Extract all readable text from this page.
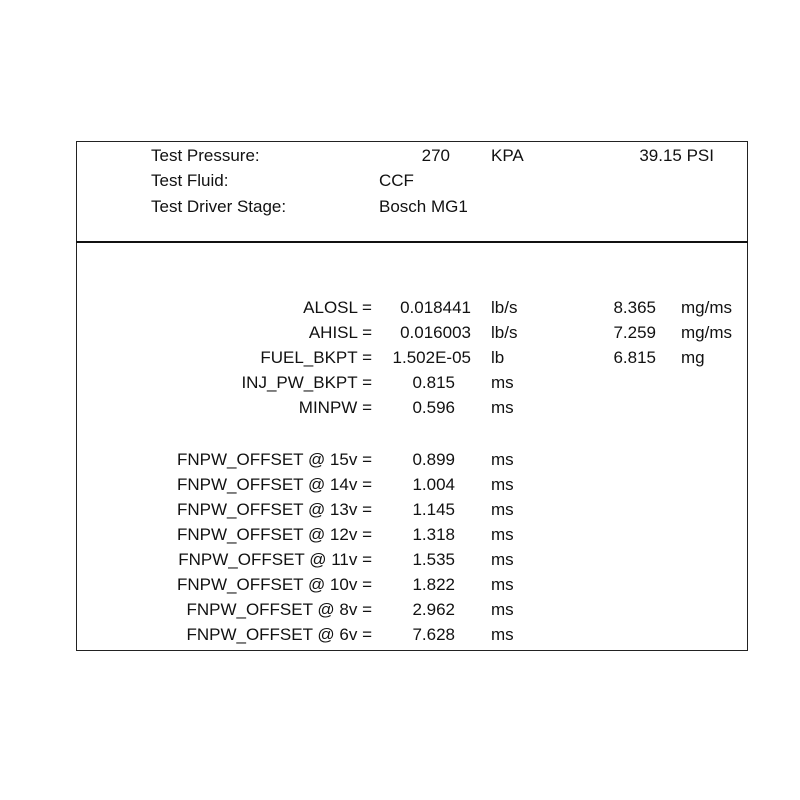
Test Pressure:	270 KPA	39.15 PSI
Test Fluid:	CCF
Test Driver Stage:	Bosch MG1
ALOSL =	0.018441 lb/s	8.365 mg/ms
AHISL =	0.016003 lb/s	7.259 mg/ms
FUEL_BKPT =	1.502E-05 lb	6.815 mg
INJ_PW_BKPT =	0.815 ms
MINPW =	0.596 ms
FNPW_OFFSET @ 15v =	0.899 ms
FNPW_OFFSET @ 14v =	1.004 ms
FNPW_OFFSET @ 13v =	1.145 ms
FNPW_OFFSET @ 12v =	1.318 ms
FNPW_OFFSET @ 11v =	1.535 ms
FNPW_OFFSET @ 10v =	1.822 ms
FNPW_OFFSET @ 8v =	2.962 ms
FNPW_OFFSET @ 6v =	7.628 ms
